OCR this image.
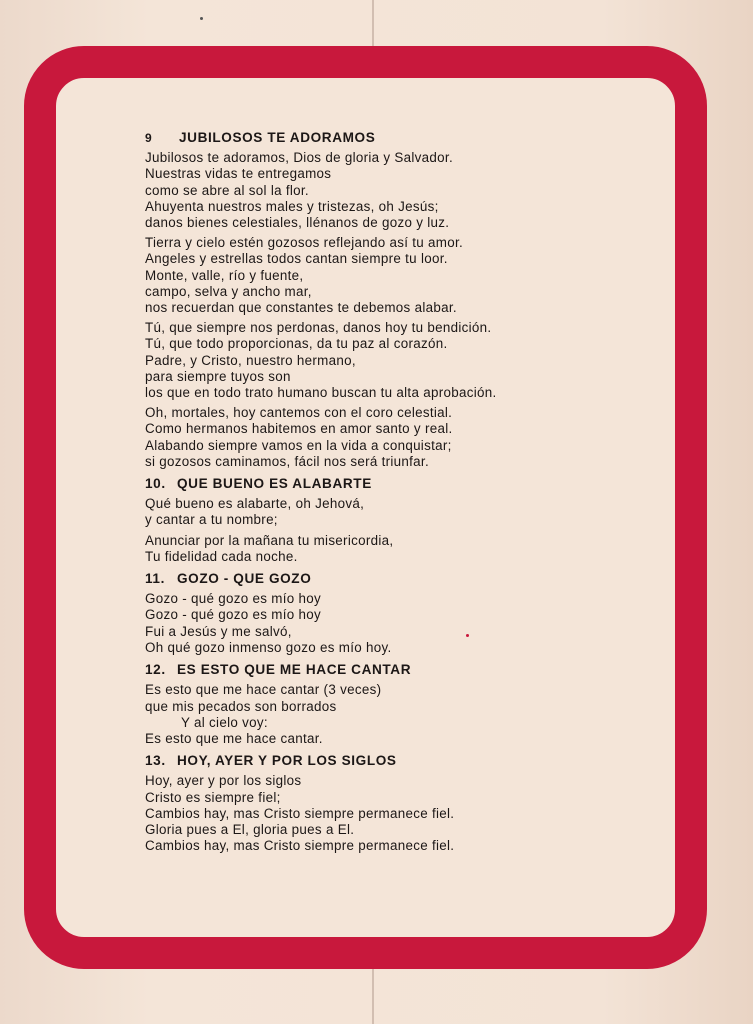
9	JUBILOSOS TE ADORAMOS
Jubilosos te adoramos, Dios de gloria y Salvador.
Nuestras vidas te entregamos
como se abre al sol la flor.
Ahuyenta nuestros males y tristezas, oh Jesús;
danos bienes celestiales, llénanos de gozo y luz.
Tierra y cielo estén gozosos reflejando así tu amor.
Angeles y estrellas todos cantan siempre tu loor.
Monte, valle, río y fuente,
campo, selva y ancho mar,
nos recuerdan que constantes te debemos alabar.
Tú, que siempre nos perdonas, danos hoy tu bendición.
Tú, que todo proporcionas, da tu paz al corazón.
Padre, y Cristo, nuestro hermano,
para siempre tuyos son
los que en todo trato humano buscan tu alta aprobación.
Oh, mortales, hoy cantemos con el coro celestial.
Como hermanos habitemos en amor santo y real.
Alabando siempre vamos en la vida a conquistar;
si gozosos caminamos, fácil nos será triunfar.
10. QUE BUENO ES ALABARTE
Qué bueno es alabarte, oh Jehová,
y cantar a tu nombre;
Anunciar por la mañana tu misericordia,
Tu fidelidad cada noche.
11. GOZO - QUE GOZO
Gozo - qué gozo es mío hoy
Gozo - qué gozo es mío hoy
Fui a Jesús y me salvó,
Oh qué gozo inmenso gozo es mío hoy.
12. ES ESTO QUE ME HACE CANTAR
Es esto que me hace cantar (3 veces)
que mis pecados son borrados
Y al cielo voy:
Es esto que me hace cantar.
13. HOY, AYER Y POR LOS SIGLOS
Hoy, ayer y por los siglos
Cristo es siempre fiel;
Cambios hay, mas Cristo siempre permanece fiel.
Gloria pues a El, gloria pues a El.
Cambios hay, mas Cristo siempre permanece fiel.
